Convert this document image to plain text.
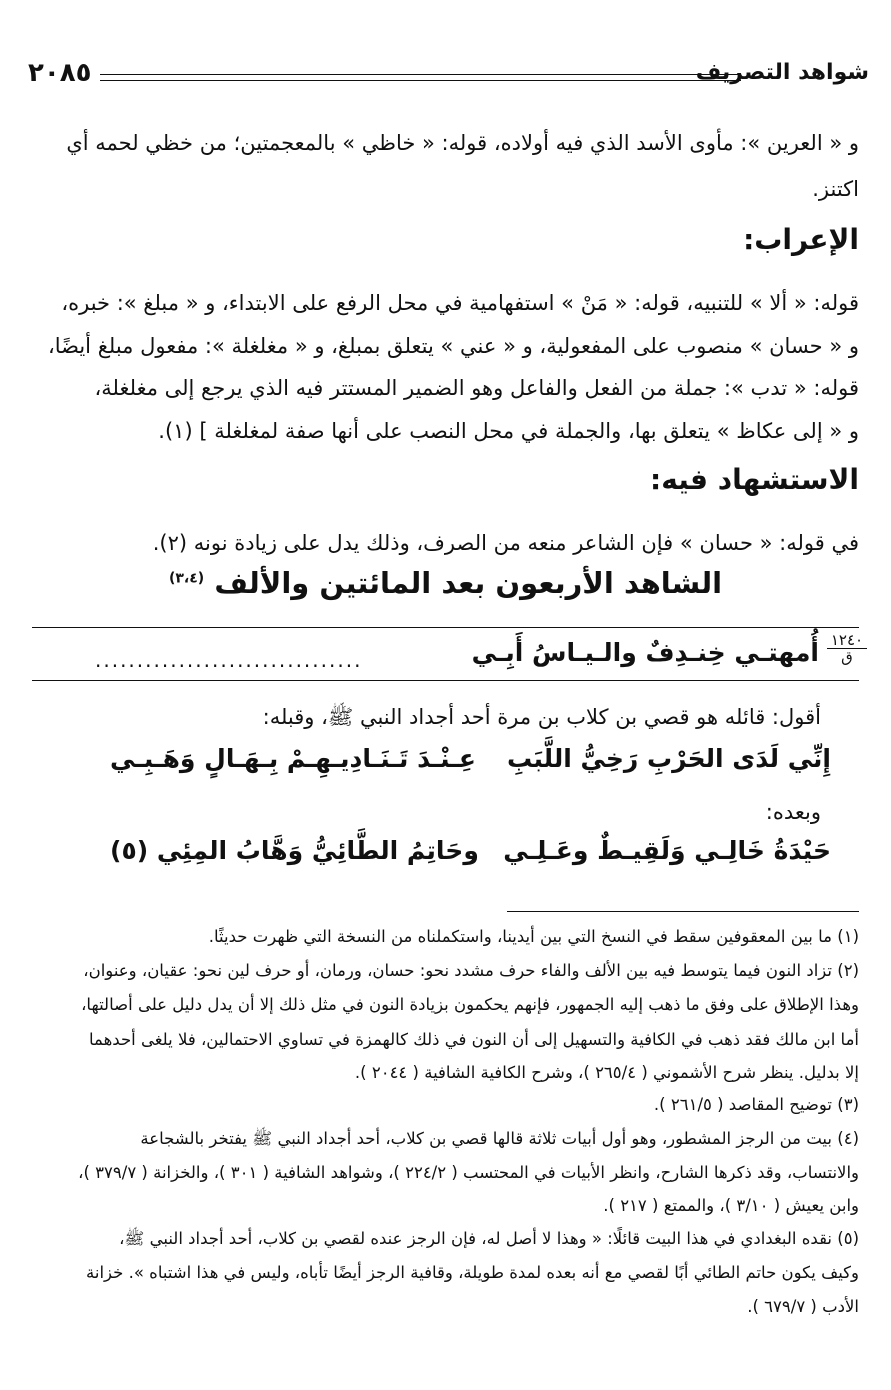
شواهد التصريف
٢٠٨٥
و « العرين »: مأوى الأسد الذي فيه أولاده، قوله: « خاظي » بالمعجمتين؛ من خظي لحمه أي
اكتنز.
الإعراب:
قوله: « ألا » للتنبيه، قوله: « مَنْ » استفهامية في محل الرفع على الابتداء، و « مبلغ »: خبره،
و « حسان » منصوب على المفعولية، و « عني » يتعلق بمبلغ، و « مغلغلة »: مفعول مبلغ أيضًا،
قوله: « تدب »: جملة من الفعل والفاعل وهو الضمير المستتر فيه الذي يرجع إلى مغلغلة،
و « إلى عكاظ » يتعلق بها، والجملة في محل النصب على أنها صفة لمغلغلة ] (١).
الاستشهاد فيه:
في قوله: « حسان » فإن الشاعر منعه من الصرف، وذلك يدل على زيادة نونه (٢).
الشاهد الأربعون بعد المائتين والألف $^{(٣،٤)}$
١٢٤٠
ق
أُمهتـي خِنـدِفٌ والـيـاسُ أَبِـي
................................
أقول: قائله هو قصي بن كلاب بن مرة أحد أجداد النبي ﷺ، وقبله:
إِنِّي لَدَى الحَرْبِ رَخِيُّ اللَّبَبِ
عِـنْـدَ تَـنَـادِيـهِـمْ بِـهَـالٍ وَهَـبِـي
وبعده:
حَيْدَةُ خَالِـي وَلَقِيـطٌ وعَـلِـي
وحَاتِمُ الطَّائِيُّ وَهَّابُ المِئِي (٥)
(١) ما بين المعقوفين سقط في النسخ التي بين أيدينا، واستكملناه من النسخة التي ظهرت حديثًا.
(٢) تزاد النون فيما يتوسط فيه بين الألف والفاء حرف مشدد نحو: حسان، ورمان، أو حرف لين نحو: عقيان، وعنوان،
وهذا الإطلاق على وفق ما ذهب إليه الجمهور، فإنهم يحكمون بزيادة النون في مثل ذلك إلا أن يدل دليل على أصالتها،
أما ابن مالك فقد ذهب في الكافية والتسهيل إلى أن النون في ذلك كالهمزة في تساوي الاحتمالين، فلا يلغى أحدهما
إلا بدليل. ينظر شرح الأشموني ( ٢٦٥/٤ )، وشرح الكافية الشافية ( ٢٠٤٤ ).
(٣) توضيح المقاصد ( ٢٦١/٥ ).
(٤) بيت من الرجز المشطور، وهو أول أبيات ثلاثة قالها قصي بن كلاب، أحد أجداد النبي ﷺ يفتخر بالشجاعة
والانتساب، وقد ذكرها الشارح، وانظر الأبيات في المحتسب ( ٢٢٤/٢ )، وشواهد الشافية ( ٣٠١ )، والخزانة ( ٣٧٩/٧ )،
وابن يعيش ( ٣/١٠ )، والممتع ( ٢١٧ ).
(٥) نقده البغدادي في هذا البيت قائلًا: « وهذا لا أصل له، فإن الرجز عنده لقصي بن كلاب، أحد أجداد النبي ﷺ،
وكيف يكون حاتم الطائي أبًا لقصي مع أنه بعده لمدة طويلة، وقافية الرجز أيضًا تأباه، وليس في هذا اشتباه ». خزانة
الأدب ( ٦٧٩/٧ ).
